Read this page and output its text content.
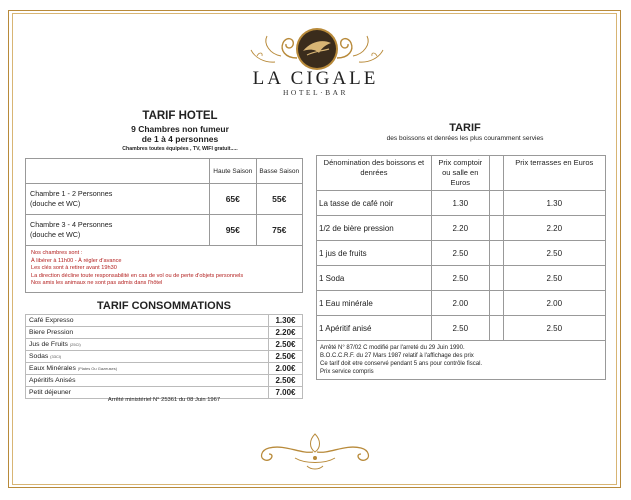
LA CIGALE
HOTEL·BAR
TARIF HOTEL
9 Chambres non fumeur
de 1 à 4 personnes
Chambres toutes équipées , TV, WIFI gratuit.....
	Haute Saison	Basse Saison

Chambre 1 - 2 Personnes
(douche et WC)	65€	55€

Chambre 3 - 4 Personnes
(douche et WC)	95€	75€

Nos chambres sont :
À libérer à 11h00 - À régler d'avance
Les clés sont à retirer avant 19h30
La direction décline toute responsabilité en cas de vol ou de perte d'objets personnels
Nos amis les animaux ne sont pas admis dans l'hôtel		
TARIF CONSOMMATIONS
Café Expresso	1.30€
Biere Pression	2.20€
Jus de Fruits (25Cl)	2.50€
Sodas (33Cl)	2.50€
Eaux Minérales (Plates Ou Gazeuses)	2.00€
Apéritifs Anisés	2.50€
Petit déjeuner	7.00€
Arrêté ministériel N° 25361 du 08 Juin 1967
TARIF
des boissons et denrées les plus couramment servies
Dénomination des boissons et denrées	Prix comptoir ou salle en Euros		Prix terrasses en Euros
La tasse de café noir	1.30		1.30
1/2 de bière pression	2.20		2.20
1 jus de fruits	2.50		2.50
1 Soda	2.50		2.50
1 Eau minérale	2.00		2.00
1 Apéritif anisé	2.50		2.50

Arrêté N° 87/02 C modifié par l'arreté du 29 Juin 1990.
B.O.C.C.R.F. du 27 Mars 1987 relatif à l'affichage des prix
Ce tarif doit etre conservé pendant 5 ans pour contrôle fiscal.
Prix service compris			
